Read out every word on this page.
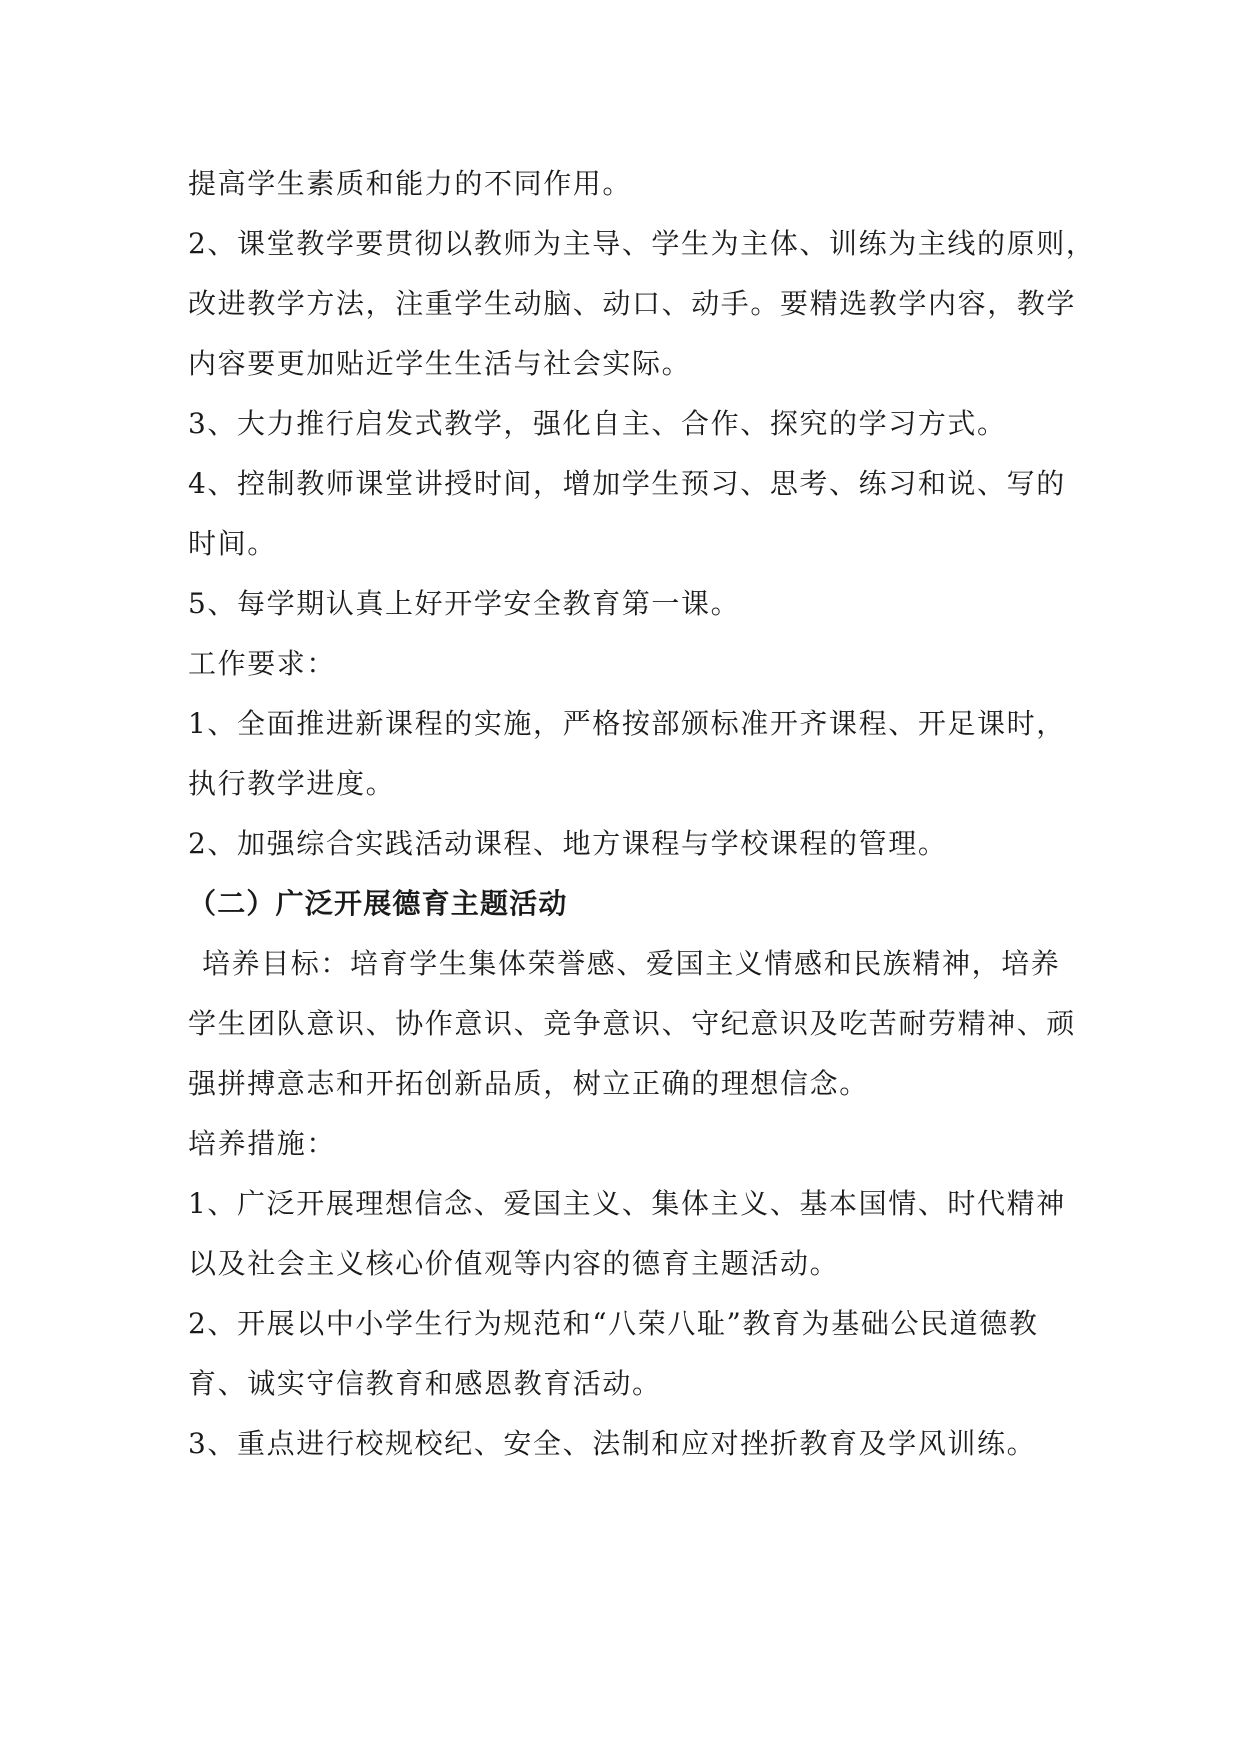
提高学生素质和能力的不同作用。
2、课堂教学要贯彻以教师为主导、学生为主体、训练为主线的原则，
改进教学方法，注重学生动脑、动口、动手。要精选教学内容，教学
内容要更加贴近学生生活与社会实际。
3、大力推行启发式教学，强化自主、合作、探究的学习方式。
4、控制教师课堂讲授时间，增加学生预习、思考、练习和说、写的
时间。
5、每学期认真上好开学安全教育第一课。
工作要求：
1、全面推进新课程的实施，严格按部颁标准开齐课程、开足课时，
执行教学进度。
2、加强综合实践活动课程、地方课程与学校课程的管理。
（二）广泛开展德育主题活动
培养目标：培育学生集体荣誉感、爱国主义情感和民族精神，培养
学生团队意识、协作意识、竞争意识、守纪意识及吃苦耐劳精神、顽
强拼搏意志和开拓创新品质，树立正确的理想信念。
培养措施：
1、广泛开展理想信念、爱国主义、集体主义、基本国情、时代精神
以及社会主义核心价值观等内容的德育主题活动。
2、开展以中小学生行为规范和“八荣八耻”教育为基础公民道德教
育、诚实守信教育和感恩教育活动。
3、重点进行校规校纪、安全、法制和应对挫折教育及学风训练。
